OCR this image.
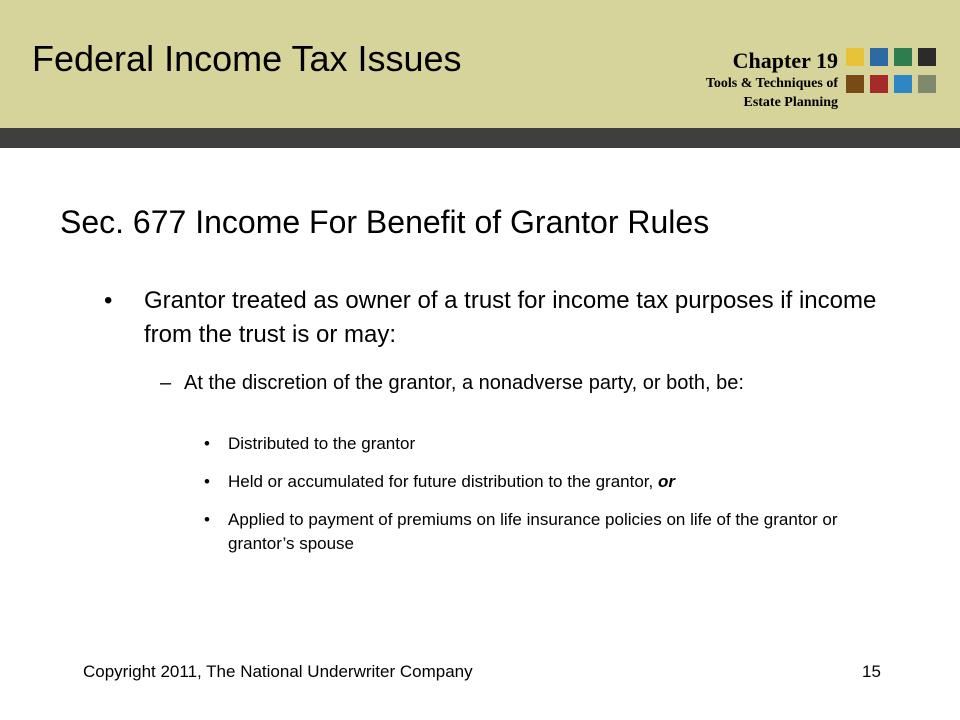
Federal Income Tax Issues	Chapter 19
Tools & Techniques of
Estate Planning
Sec. 677 Income For Benefit of Grantor Rules
• Grantor treated as owner of a trust for income tax purposes if income from the trust is or may:
– At the discretion of the grantor, a nonadverse party, or both, be:
• Distributed to the grantor
• Held or accumulated for future distribution to the grantor, or
• Applied to payment of premiums on life insurance policies on life of the grantor or grantor’s spouse
Copyright 2011, The National Underwriter Company	15
